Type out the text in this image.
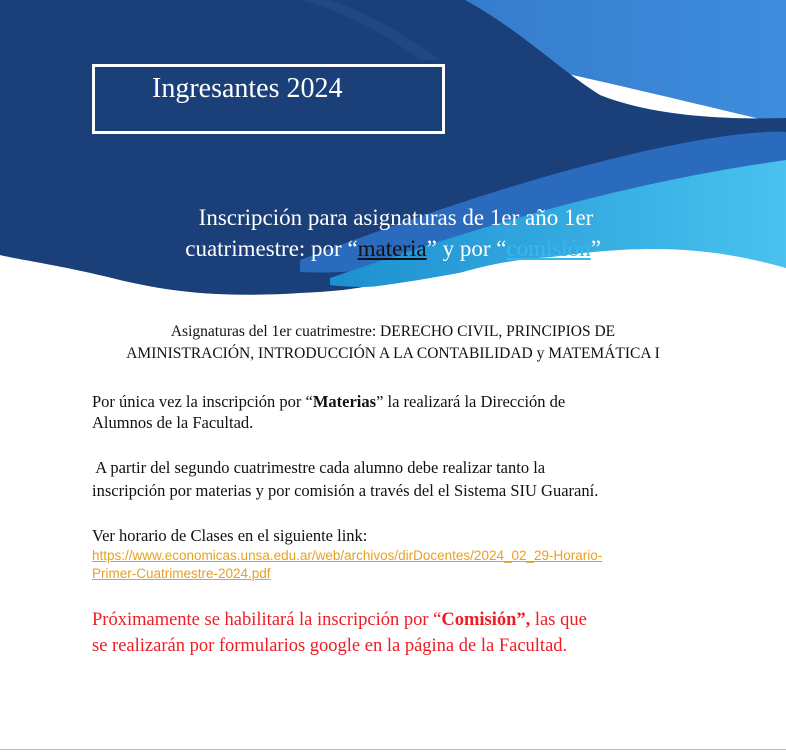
Ingresantes 2024
Inscripción para asignaturas de 1er año 1er
cuatrimestre: por “materia” y por “comisión”.
Asignaturas del 1er cuatrimestre: DERECHO CIVIL, PRINCIPIOS DE
AMINISTRACIÓN, INTRODUCCIÓN A LA CONTABILIDAD y MATEMÁTICA I
Por única vez la inscripción por “Materias” la realizará la Dirección de
Alumnos de la Facultad.
A partir del segundo cuatrimestre cada alumno debe realizar tanto la
inscripción por materias y por comisión a través del el Sistema SIU Guaraní.
Ver horario de Clases en el siguiente link:
https://www.economicas.unsa.edu.ar/web/archivos/dirDocentes/2024_02_29-Horario-
Primer-Cuatrimestre-2024.pdf
Próximamente se habilitará la inscripción por “Comisión”, las que
se realizarán por formularios google en la página de la Facultad.
